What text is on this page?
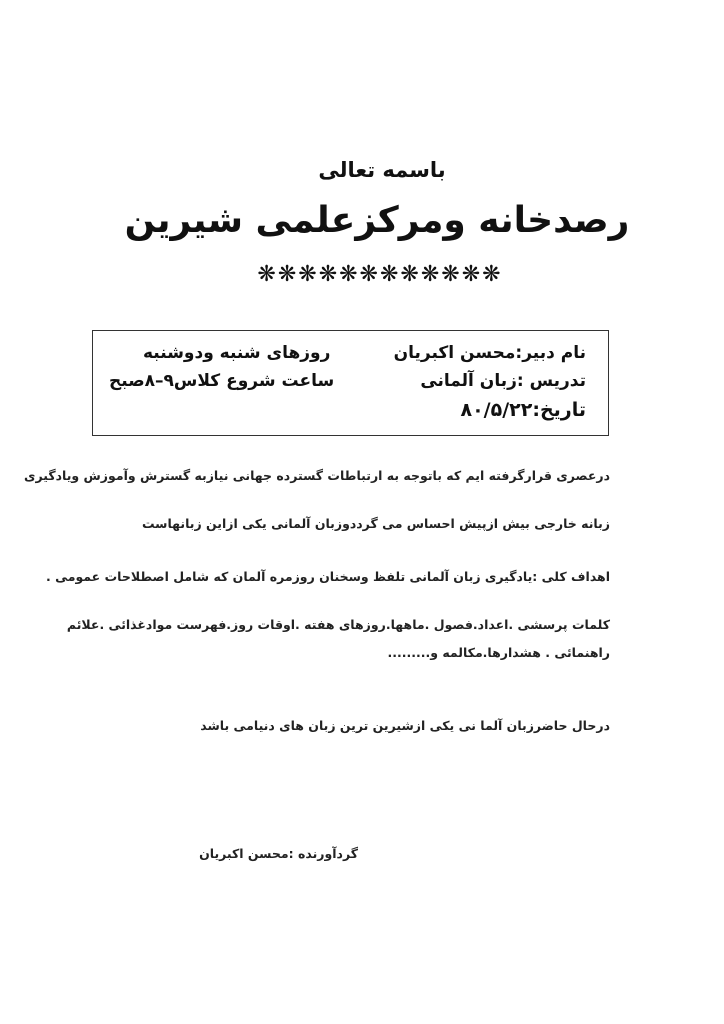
باسمه تعالی
رصدخانه ومرکزعلمی شیرین
❋❋❋❋❋❋❋❋❋❋❋❋
نام دبیر:محسن اکبریان
تدریس :زبان آلمانی
تاریخ:۸۰/۵/۲۲
روزهای شنبه ودوشنبه
ساعت شروع کلاس۹–۸صبح
درعصری قرارگرفته ایم که باتوجه به ارتباطات گسترده جهانی نیازبه گسترش وآموزش ویادگیری
زبانه خارجی بیش ازپیش احساس می گرددوزبان آلمانی یکی ازاین زبانهاست
اهداف کلی :یادگیری زبان آلمانی تلفظ وسخنان روزمره آلمان که شامل اصطلاحات عمومی .
کلمات پرسشی .اعداد.فصول .ماهها.روزهای هفته .اوقات روز.فهرست موادغذائی .علائم
راهنمائی . هشدارها.مکالمه و.........
درحال حاضرزبان آلما نی یکی ازشیرین ترین زبان های دنیامی باشد
گردآورنده :محسن اکبریان
